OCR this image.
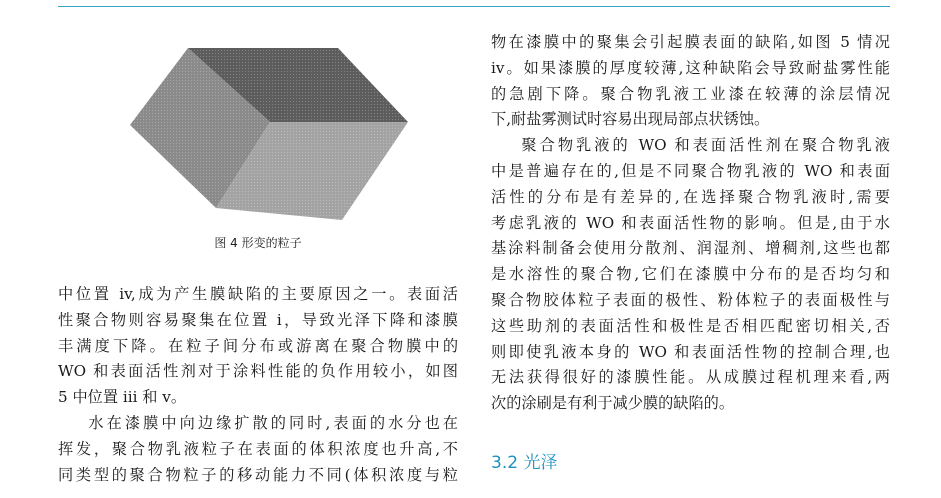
图 4 形变的粒子

中位置 iv,成为产生膜缺陷的主要原因之一。表面活

性聚合物则容易聚集在位置 i，导致光泽下降和漆膜

丰满度下降。在粒子间分布或游离在聚合物膜中的

WO 和表面活性剂对于涂料性能的负作用较小，如图

5 中位置 iii 和 v。

水在漆膜中向边缘扩散的同时,表面的水分也在

挥发，聚合物乳液粒子在表面的体积浓度也升高,不

同类型的聚合物粒子的移动能力不同(体积浓度与粒

物在漆膜中的聚集会引起膜表面的缺陷,如图 5 情况

iv。如果漆膜的厚度较薄,这种缺陷会导致耐盐雾性能

的急剧下降。聚合物乳液工业漆在较薄的涂层情况

下,耐盐雾测试时容易出现局部点状锈蚀。

聚合物乳液的 WO 和表面活性剂在聚合物乳液

中是普遍存在的,但是不同聚合物乳液的 WO 和表面

活性的分布是有差异的,在选择聚合物乳液时,需要

考虑乳液的 WO 和表面活性物的影响。但是,由于水

基涂料制备会使用分散剂、润湿剂、增稠剂,这些也都

是水溶性的聚合物,它们在漆膜中分布的是否均匀和

聚合物胶体粒子表面的极性、粉体粒子的表面极性与

这些助剂的表面活性和极性是否相匹配密切相关,否

则即使乳液本身的 WO 和表面活性物的控制合理,也

无法获得很好的漆膜性能。从成膜过程机理来看,两

次的涂刷是有利于减少膜的缺陷的。

3.2 光泽
